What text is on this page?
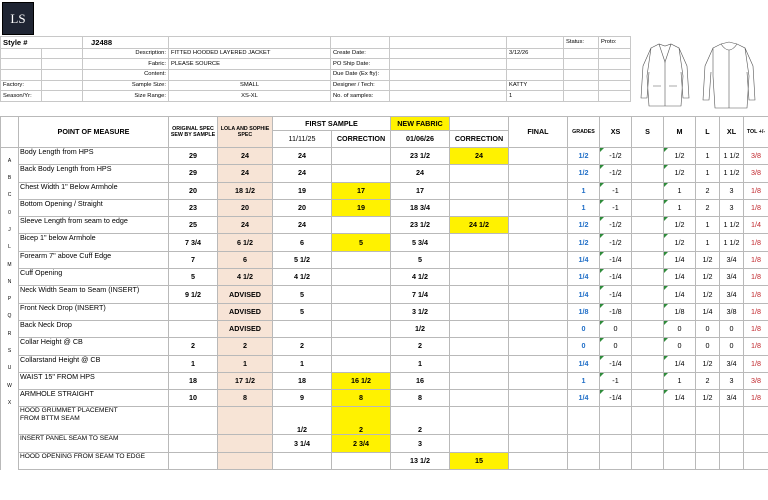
LS
Style #		J2488					Status:	Proto:
		Description:	FITTED HOODED LAYERED JACKET	Create Date:		3/12/26		
		Fabric:	PLEASE SOURCE	PO Ship Date:				
		Content:		Due Date (Ex fty):				
Factory:		Sample Size:	SMALL	Designer / Tech:		KATTY		
Season/Yr:		Size Range:	XS-XL	No. of samples:		1		
	POINT OF MEASURE	ORIGINAL SPEC SEW BY SAMPLE	LOLA AND SOPHIE SPEC	FIRST SAMPLE		NEW FABRIC		FINAL	GRADES	XS	S	M	L	XL	TOL +/-
				11/11/25	CORRECTION	01/06/26	CORRECTION								
A	Body Length from HPS	29	24	24		23 1/2	24		1/2	-1/2		1/2	1	1 1/2	3/8
B	Back Body Length from HPS	29	24	24		24			1/2	-1/2		1/2	1	1 1/2	3/8
C	Chest Width 1" Below Armhole	20	18 1/2	19	17	17			1	-1		1	2	3	1/8
0	Bottom Opening / Straight	23	20	20	19	18 3/4			1	-1		1	2	3	1/8
J	Sleeve Length from seam to edge	25	24	24		23 1/2	24 1/2		1/2	-1/2		1/2	1	1 1/2	1/4
L	Bicep 1" below Armhole	7 3/4	6 1/2	6	5	5 3/4			1/2	-1/2		1/2	1	1 1/2	1/8
M	Forearm 7" above Cuff Edge	7	6	5 1/2		5			1/4	-1/4		1/4	1/2	3/4	1/8
N	Cuff Opening	5	4 1/2	4 1/2		4 1/2			1/4	-1/4		1/4	1/2	3/4	1/8
P	Neck Width Seam to Seam (INSERT)	9 1/2	ADVISED	5		7 1/4			1/4	-1/4		1/4	1/2	3/4	1/8
Q	Front Neck Drop (INSERT)		ADVISED	5		3 1/2			1/8	-1/8		1/8	1/4	3/8	1/8
R	Back Neck Drop		ADVISED			1/2			0	0		0	0	0	1/8
S	Collar Height @ CB	2	2	2		2			0	0		0	0	0	1/8
U	Collarstand Height @ CB	1	1	1		1			1/4	-1/4		1/4	1/2	3/4	1/8
W	WAIST 15" FROM HPS	18	17 1/2	18	16 1/2	16			1	-1		1	2	3	3/8
X	ARMHOLE STRAIGHT	10	8	9	8	8			1/4	-1/4		1/4	1/2	3/4	1/8
	HOOD GRUMMET PLACEMENT FROM BTTM SEAM			1/2	2	2									
	INSERT PANEL SEAM TO SEAM			3 1/4	2 3/4	3									
	HOOD OPENING FROM SEAM TO EDGE					13 1/2	15								
